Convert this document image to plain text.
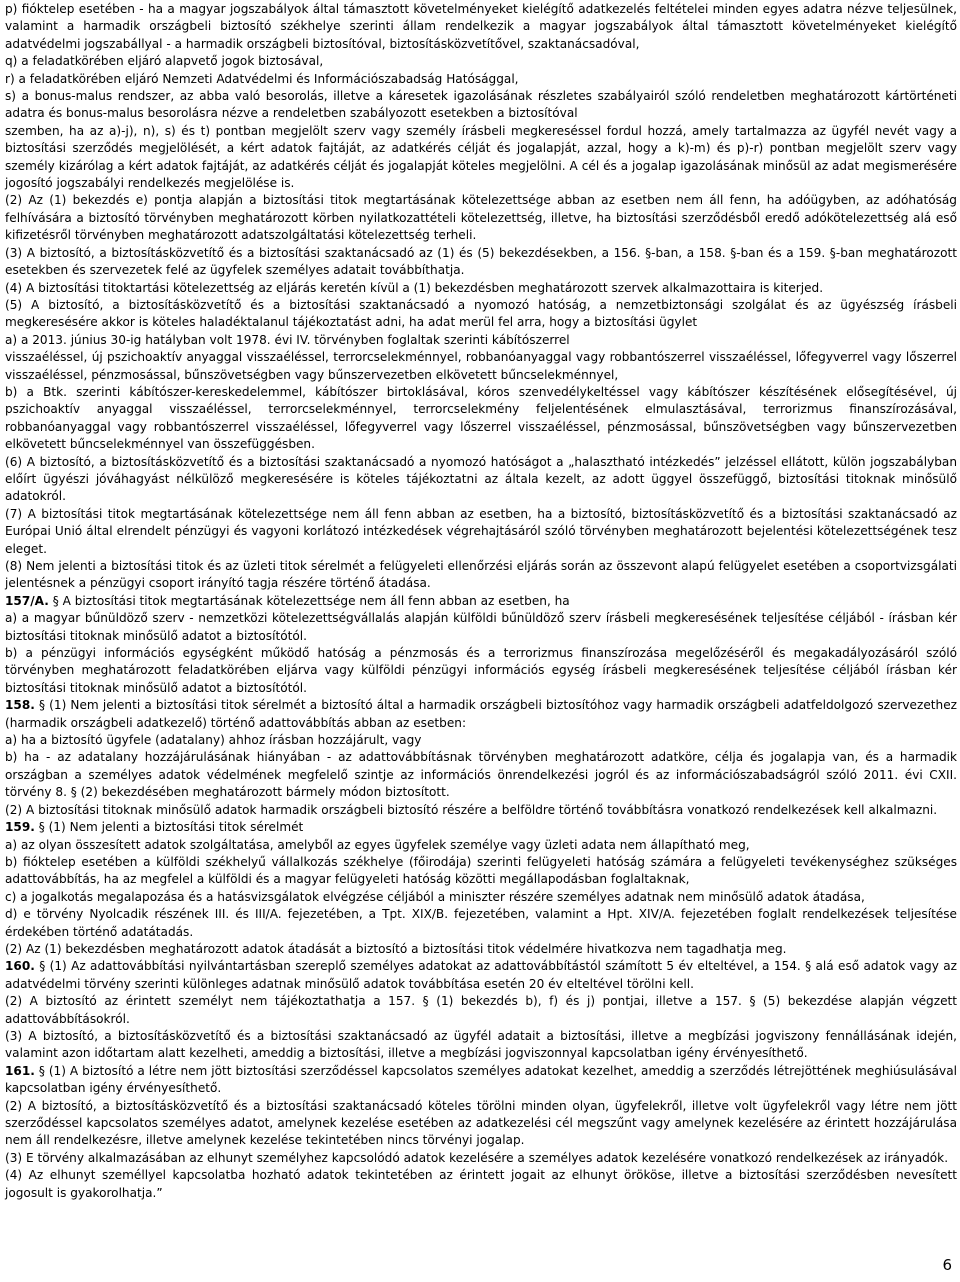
p) fióktelep esetében - ha a magyar jogszabályok által támasztott követelményeket kielégítő adatkezelés feltételei minden egyes adatra nézve teljesülnek, valamint a harmadik országbeli biztosító székhelye szerinti állam rendelkezik a magyar jogszabályok által támasztott követelményeket kielégítő adatvédelmi jogszabállyal - a harmadik országbeli biztosítóval, biztosításközvetítővel, szaktanácsadóval,

q) a feladatkörében eljáró alapvető jogok biztosával,

r) a feladatkörében eljáró Nemzeti Adatvédelmi és Információszabadság Hatósággal,

s) a bonus-malus rendszer, az abba való besorolás, illetve a káresetek igazolásának részletes szabályairól szóló rendeletben meghatározott kártörténeti adatra és bonus-malus besorolásra nézve a rendeletben szabályozott esetekben a biztosítóval

szemben, ha az a)-j), n), s) és t) pontban megjelölt szerv vagy személy írásbeli megkereséssel fordul hozzá, amely tartalmazza az ügyfél nevét vagy a biztosítási szerződés megjelölését, a kért adatok fajtáját, az adatkérés célját és jogalapját, azzal, hogy a k)-m) és p)-r) pontban megjelölt szerv vagy személy kizárólag a kért adatok fajtáját, az adatkérés célját és jogalapját köteles megjelölni. A cél és a jogalap igazolásának minősül az adat megismerésére jogosító jogszabályi rendelkezés megjelölése is.

(2) Az (1) bekezdés e) pontja alapján a biztosítási titok megtartásának kötelezettsége abban az esetben nem áll fenn, ha adóügyben, az adóhatóság felhívására a biztosító törvényben meghatározott körben nyilatkozattételi kötelezettség, illetve, ha biztosítási szerződésből eredő adókötelezettség alá eső kifizetésről törvényben meghatározott adatszolgáltatási kötelezettség terheli.

(3) A biztosító, a biztosításközvetítő és a biztosítási szaktanácsadó az (1) és (5) bekezdésekben, a 156. §-ban, a 158. §-ban és a 159. §-ban meghatározott esetekben és szervezetek felé az ügyfelek személyes adatait továbbíthatja.

(4) A biztosítási titoktartási kötelezettség az eljárás keretén kívül a (1) bekezdésben meghatározott szervek alkalmazottaira is kiterjed.

(5) A biztosító, a biztosításközvetítő és a biztosítási szaktanácsadó a nyomozó hatóság, a nemzetbiztonsági szolgálat és az ügyészség írásbeli megkeresésére akkor is köteles haladéktalanul tájékoztatást adni, ha adat merül fel arra, hogy a biztosítási ügylet

a) a 2013. június 30-ig hatályban volt 1978. évi IV. törvényben foglaltak szerinti kábítószerrel

visszaéléssel, új pszichoaktív anyaggal visszaéléssel, terrorcselekménnyel, robbanóanyaggal vagy robbantószerrel visszaéléssel, lőfegyverrel vagy lőszerrel visszaéléssel, pénzmosással, bűnszövetségben vagy bűnszervezetben elkövetett bűncselekménnyel,

b) a Btk. szerinti kábítószer-kereskedelemmel, kábítószer birtoklásával, kóros szenvedélykeltéssel vagy kábítószer készítésének elősegítésével, új pszichoaktív anyaggal visszaéléssel, terrorcselekménnyel, terrorcselekmény feljelentésének elmulasztásával, terrorizmus finanszírozásával, robbanóanyaggal vagy robbantószerrel visszaéléssel, lőfegyverrel vagy lőszerrel visszaéléssel, pénzmosással, bűnszövetségben vagy bűnszervezetben elkövetett bűncselekménnyel van összefüggésben.

(6) A biztosító, a biztosításközvetítő és a biztosítási szaktanácsadó a nyomozó hatóságot a „halasztható intézkedés” jelzéssel ellátott, külön jogszabályban előírt ügyészi jóváhagyást nélkülöző megkeresésére is köteles tájékoztatni az általa kezelt, az adott üggyel összefüggő, biztosítási titoknak minősülő adatokról.

(7) A biztosítási titok megtartásának kötelezettsége nem áll fenn abban az esetben, ha a biztosító, biztosításközvetítő és a biztosítási szaktanácsadó az Európai Unió által elrendelt pénzügyi és vagyoni korlátozó intézkedések végrehajtásáról szóló törvényben meghatározott bejelentési kötelezettségének tesz eleget.

(8) Nem jelenti a biztosítási titok és az üzleti titok sérelmét a felügyeleti ellenőrzési eljárás során az összevont alapú felügyelet esetében a csoportvizsgálati jelentésnek a pénzügyi csoport irányító tagja részére történő átadása.

157/A. § A biztosítási titok megtartásának kötelezettsége nem áll fenn abban az esetben, ha

a) a magyar bűnüldöző szerv - nemzetközi kötelezettségvállalás alapján külföldi bűnüldöző szerv írásbeli megkeresésének teljesítése céljából - írásban kér biztosítási titoknak minősülő adatot a biztosítótól.

b) a pénzügyi információs egységként működő hatóság a pénzmosás és a terrorizmus finanszírozása megelőzéséről és megakadályozásáról szóló törvényben meghatározott feladatkörében eljárva vagy külföldi pénzügyi információs egység írásbeli megkeresésének teljesítése céljából írásban kér biztosítási titoknak minősülő adatot a biztosítótól.

158. § (1) Nem jelenti a biztosítási titok sérelmét a biztosító által a harmadik országbeli biztosítóhoz vagy harmadik országbeli adatfeldolgozó szervezethez (harmadik országbeli adatkezelő) történő adattovábbítás abban az esetben:

a) ha a biztosító ügyfele (adatalany) ahhoz írásban hozzájárult, vagy

b) ha - az adatalany hozzájárulásának hiányában - az adattovábbításnak törvényben meghatározott adatköre, célja és jogalapja van, és a harmadik országban a személyes adatok védelmének megfelelő szintje az információs önrendelkezési jogról és az információszabadságról szóló 2011. évi CXII. törvény 8. § (2) bekezdésében meghatározott bármely módon biztosított.

(2) A biztosítási titoknak minősülő adatok harmadik országbeli biztosító részére a belföldre történő továbbításra vonatkozó rendelkezések kell alkalmazni.

159. § (1) Nem jelenti a biztosítási titok sérelmét

a) az olyan összesített adatok szolgáltatása, amelyből az egyes ügyfelek személye vagy üzleti adata nem állapítható meg,

b) fióktelep esetében a külföldi székhelyű vállalkozás székhelye (főirodája) szerinti felügyeleti hatóság számára a felügyeleti tevékenységhez szükséges adattovábbítás, ha az megfelel a külföldi és a magyar felügyeleti hatóság közötti megállapodásban foglaltaknak,

c) a jogalkotás megalapozása és a hatásvizsgálatok elvégzése céljából a miniszter részére személyes adatnak nem minősülő adatok átadása,

d) e törvény Nyolcadik részének III. és III/A. fejezetében, a Tpt. XIX/B. fejezetében, valamint a Hpt. XIV/A. fejezetében foglalt rendelkezések teljesítése érdekében történő adatátadás.

(2) Az (1) bekezdésben meghatározott adatok átadását a biztosító a biztosítási titok védelmére hivatkozva nem tagadhatja meg.

160. § (1) Az adattovábbítási nyilvántartásban szereplő személyes adatokat az adattovábbítástól számított 5 év elteltével, a 154. § alá eső adatok vagy az adatvédelmi törvény szerinti különleges adatnak minősülő adatok továbbítása esetén 20 év elteltével törölni kell.

(2) A biztosító az érintett személyt nem tájékoztathatja a 157. § (1) bekezdés b), f) és j) pontjai, illetve a 157. § (5) bekezdése alapján végzett adattovábbításokról.

(3) A biztosító, a biztosításközvetítő és a biztosítási szaktanácsadó az ügyfél adatait a biztosítási, illetve a megbízási jogviszony fennállásának idején, valamint azon időtartam alatt kezelheti, ameddig a biztosítási, illetve a megbízási jogviszonnyal kapcsolatban igény érvényesíthető.

161. § (1) A biztosító a létre nem jött biztosítási szerződéssel kapcsolatos személyes adatokat kezelhet, ameddig a szerződés létrejöttének meghiúsulásával kapcsolatban igény érvényesíthető.

(2) A biztosító, a biztosításközvetítő és a biztosítási szaktanácsadó köteles törölni minden olyan, ügyfelekről, illetve volt ügyfelekről vagy létre nem jött szerződéssel kapcsolatos személyes adatot, amelynek kezelése esetében az adatkezelési cél megszűnt vagy amelynek kezelésére az érintett hozzájárulása nem áll rendelkezésre, illetve amelynek kezelése tekintetében nincs törvényi jogalap.

(3) E törvény alkalmazásában az elhunyt személyhez kapcsolódó adatok kezelésére a személyes adatok kezelésére vonatkozó rendelkezések az irányadók.

(4) Az elhunyt személlyel kapcsolatba hozható adatok tekintetében az érintett jogait az elhunyt örököse, illetve a biztosítási szerződésben nevesített jogosult is gyakorolhatja.”

6
